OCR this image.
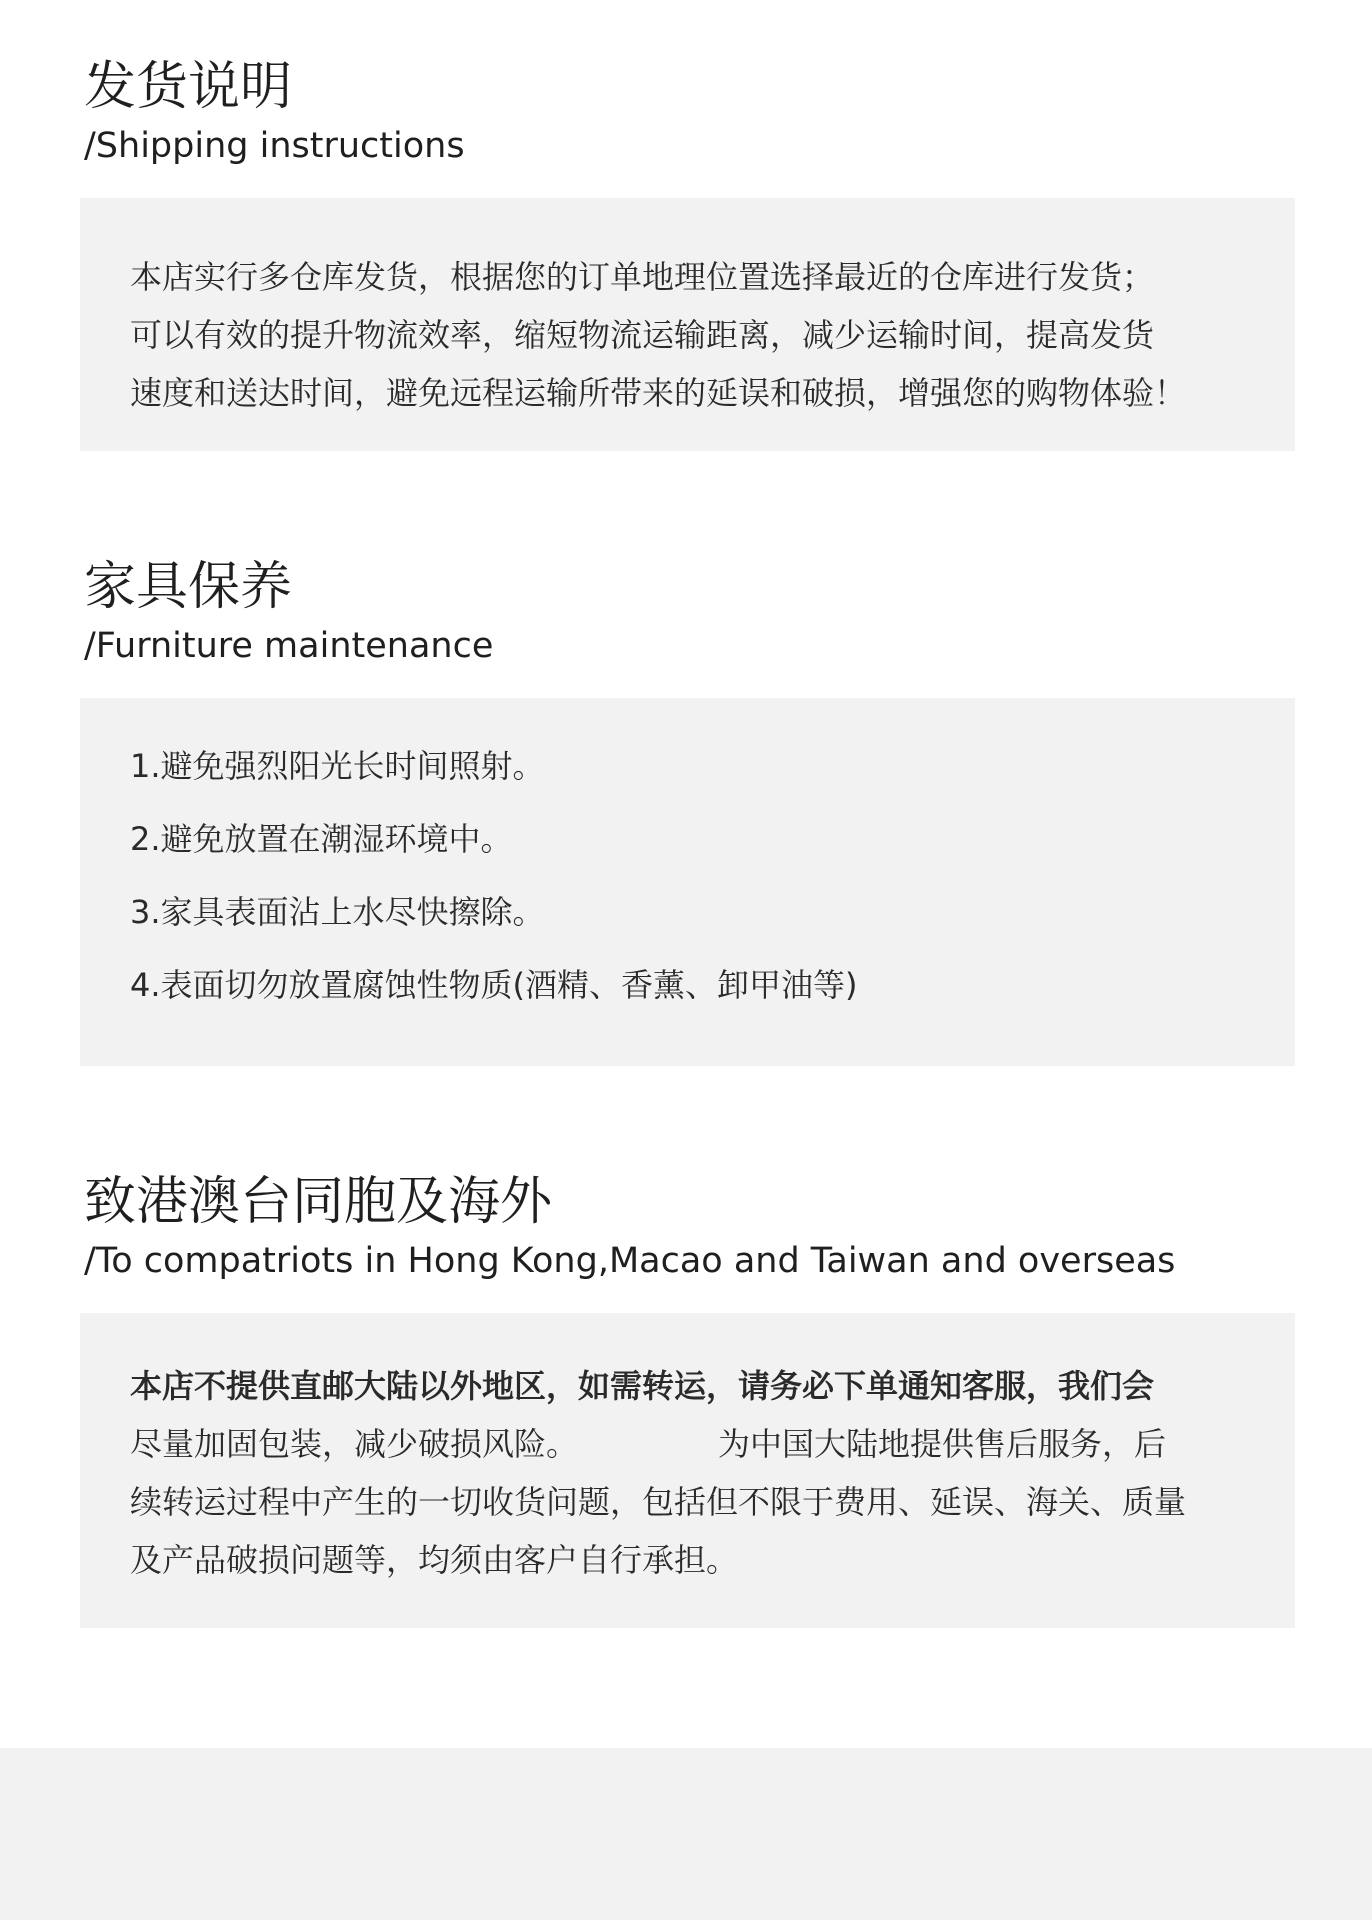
发货说明
/Shipping instructions

本店实行多仓库发货，根据您的订单地理位置选择最近的仓库进行发货；

可以有效的提升物流效率，缩短物流运输距离，减少运输时间，提高发货

速度和送达时间，避免远程运输所带来的延误和破损，增强您的购物体验！

家具保养
/Furniture maintenance

1.避免强烈阳光长时间照射。

2.避免放置在潮湿环境中。

3.家具表面沾上水尽快擦除。

4.表面切勿放置腐蚀性物质(酒精、香薰、卸甲油等)

致港澳台同胞及海外
/To compatriots in Hong Kong,Macao and Taiwan and overseas

本店不提供直邮大陆以外地区，如需转运，请务必下单通知客服，我们会

尽量加固包装，减少破损风险。	为中国大陆地提供售后服务，后

续转运过程中产生的一切收货问题，包括但不限于费用、延误、海关、质量

及产品破损问题等，均须由客户自行承担。
